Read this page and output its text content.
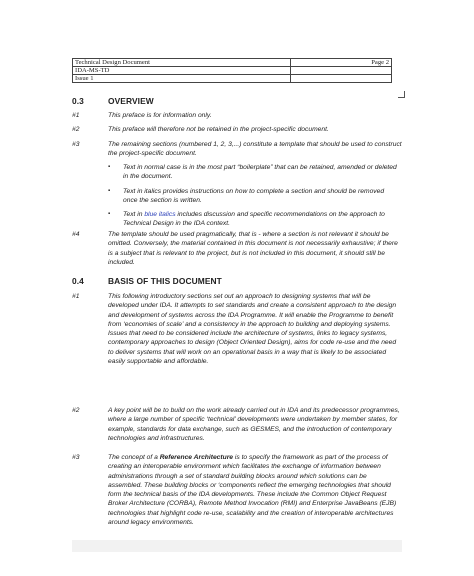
Technical Design Document	Page 2
IDA-MS-TD	
Issue 1	
0.3	OVERVIEW
#1	This preface is for information only.
#2	This preface will therefore not be retained in the project-specific document.
#3	The remaining sections (numbered 1, 2, 3,...) constitute a template that should be used to construct the project-specific document.
▪ Text in normal case is in the most part “boilerplate” that can be retained, amended or deleted in the document.
▪ Text in italics provides instructions on how to complete a section and should be removed once the section is written.
▪ Text in blue italics includes discussion and specific recommendations on the approach to Technical Design in the IDA context.
#4	The template should be used pragmatically, that is - where a section is not relevant it should be omitted. Conversely, the material contained in this document is not necessarily exhaustive; if there is a subject that is relevant to the project, but is not included in this document, it should still be included.
0.4	BASIS OF THIS DOCUMENT
#1	This following introductory sections set out an approach to designing systems that will be developed under IDA. It attempts to set standards and create a consistent approach to the design and development of systems across the IDA Programme. It will enable the Programme to benefit from ‘economies of scale’ and a consistency in the approach to building and deploying systems. Issues that need to be considered include the architecture of systems, links to legacy systems, contemporary approaches to design (Object Oriented Design), aims for code re-use and the need to deliver systems that will work on an operational basis in a way that is likely to be associated easily supportable and affordable.
#2	A key point will be to build on the work already carried out in IDA and its predecessor programmes, where a large number of specific ‘technical’ developments were undertaken by member states, for example, standards for data exchange, such as GESMES, and the introduction of contemporary technologies and infrastructures.
#3	The concept of a Reference Architecture is to specify the framework as part of the process of creating an interoperable environment which facilitates the exchange of information between administrations through a set of standard building blocks around which solutions can be assembled. These building blocks or ‘components reflect the emerging technologies that should form the technical basis of the IDA developments. These include the Common Object Request Broker Architecture (CORBA), Remote Method Invocation (RMI) and Enterprise JavaBeans (EJB) technologies that highlight code re-use, scalability and the creation of interoperable architectures around legacy environments.
